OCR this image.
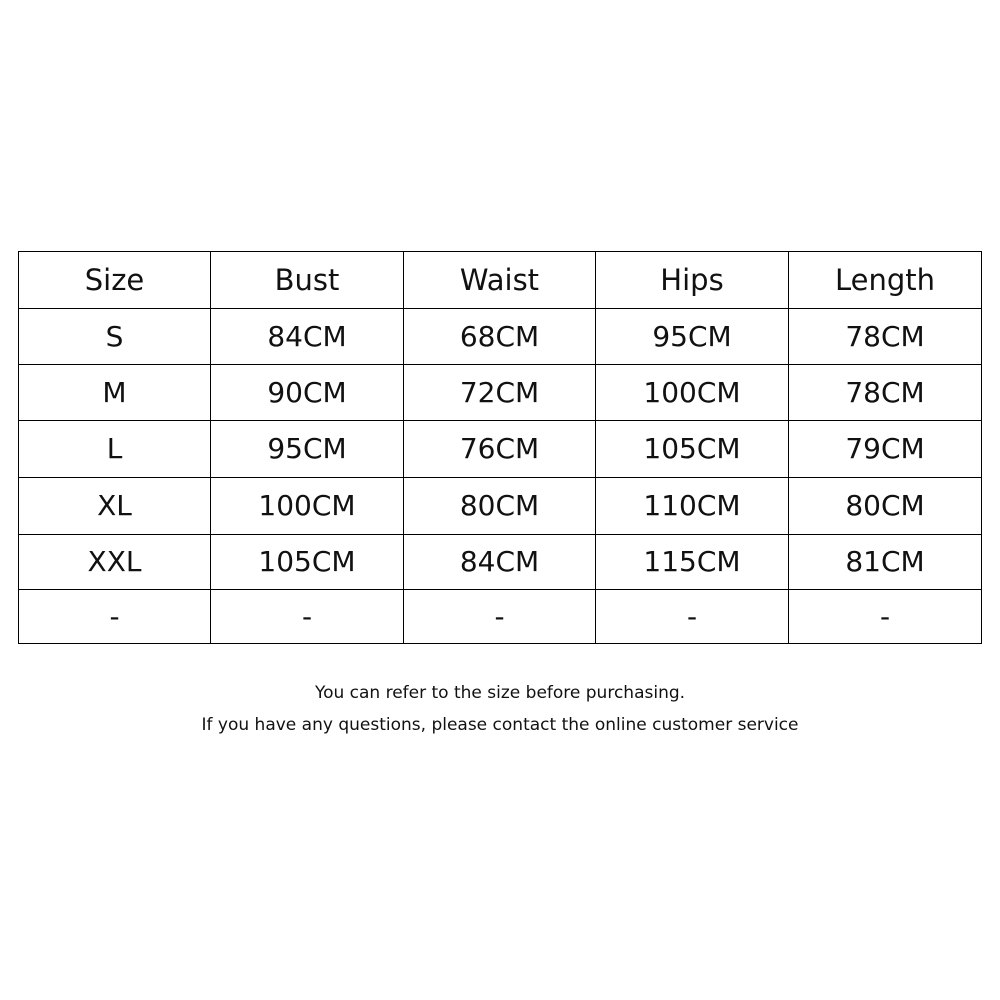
Size	Bust	Waist	Hips	Length
S	84CM	68CM	95CM	78CM
M	90CM	72CM	100CM	78CM
L	95CM	76CM	105CM	79CM
XL	100CM	80CM	110CM	80CM
XXL	105CM	84CM	115CM	81CM
-	-	-	-	-
You can refer to the size before purchasing.
If you have any questions, please contact the online customer service
